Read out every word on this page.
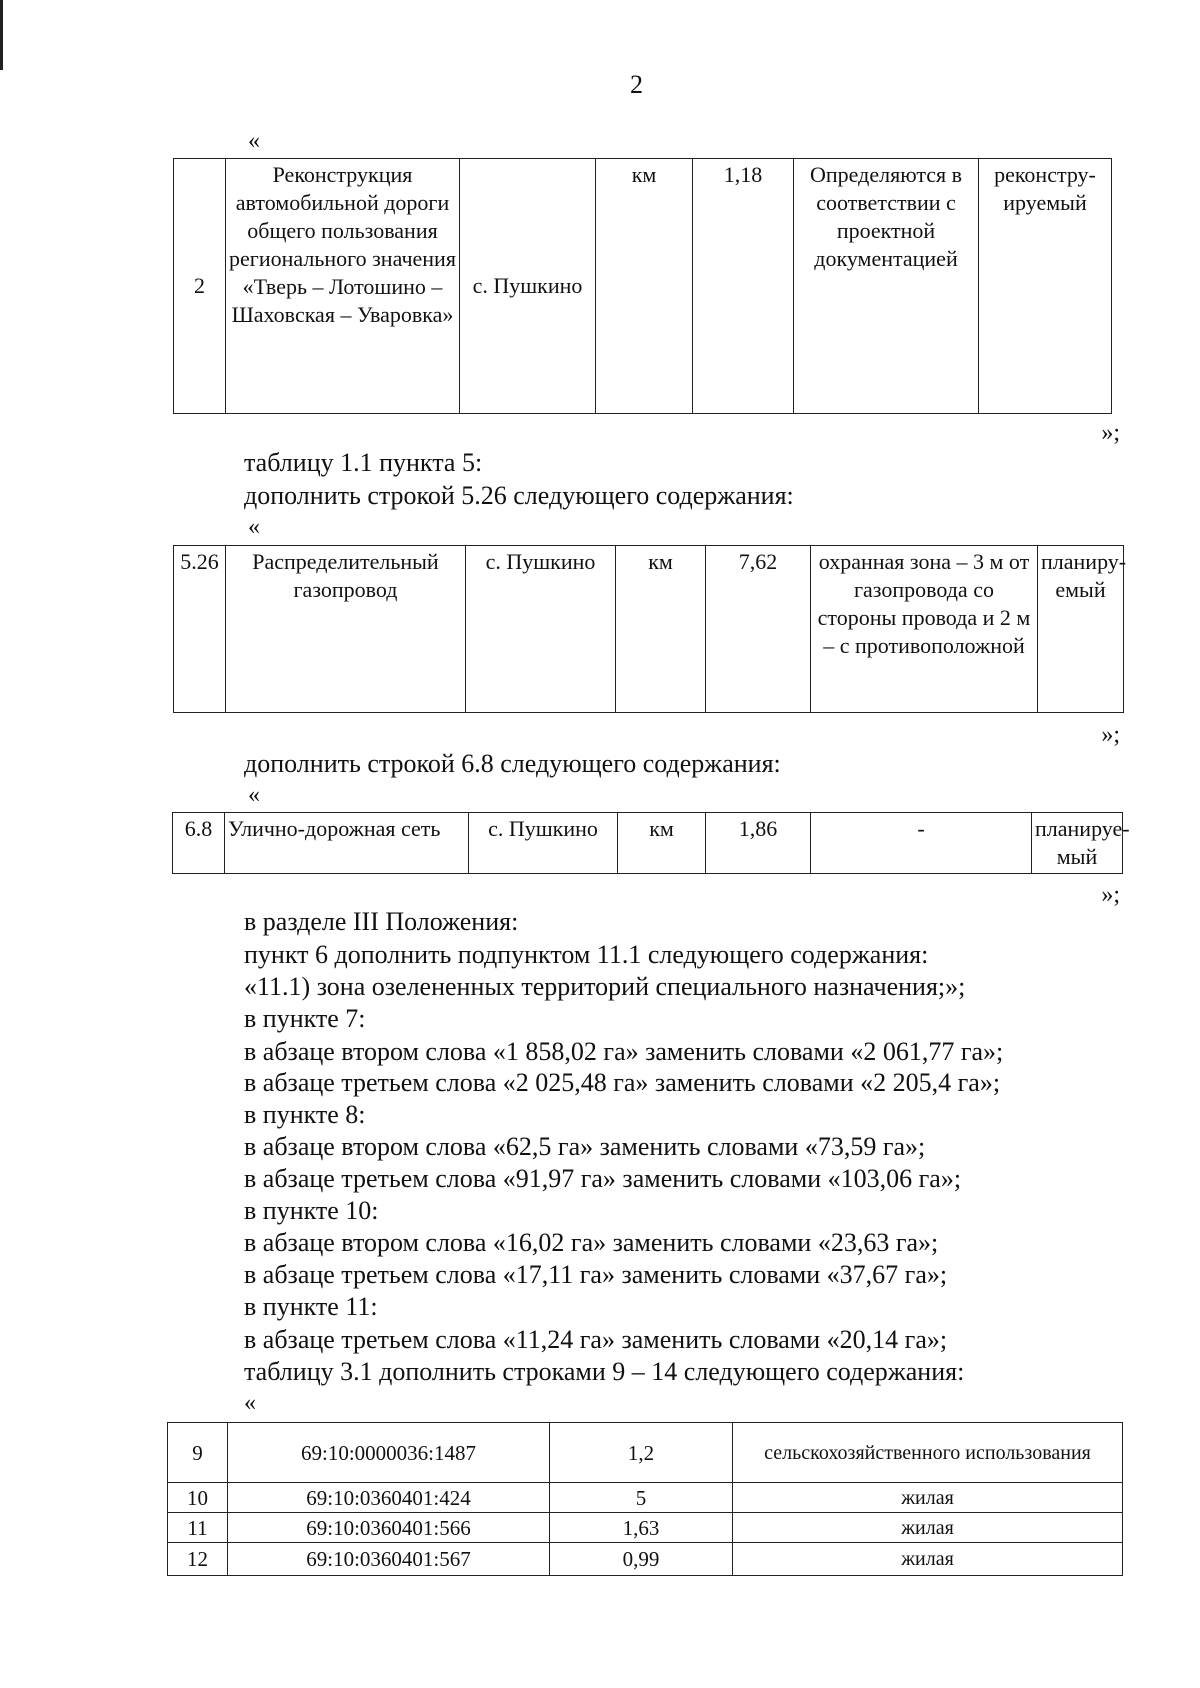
2
«
2	Реконструкция автомобильной дороги общего пользования регионального значения «Тверь – Лотошино – Шаховская – Уваровка»	с. Пушкино	км	1,18	Определяются в соответствии с проектной документацией	реконстру- ируемый
»;
таблицу 1.1 пункта 5:
дополнить строкой 5.26 следующего содержания:
«
5.26	Распределительный газопровод	с. Пушкино	км	7,62	охранная зона – 3 м от газопровода со стороны провода и 2 м – с противоположной	планиру- емый
»;
дополнить строкой 6.8 следующего содержания:
«
6.8	Улично-дорожная сеть	с. Пушкино	км	1,86	-	планируе- мый
»;
в разделе III Положения:
пункт 6 дополнить подпунктом 11.1 следующего содержания:
«11.1) зона озелененных территорий специального назначения;»;
в пункте 7:
в абзаце втором слова «1 858,02 га» заменить словами «2 061,77 га»;
в абзаце третьем слова «2 025,48 га» заменить словами «2 205,4 га»;
в пункте 8:
в абзаце втором слова «62,5 га» заменить словами «73,59 га»;
в абзаце третьем слова «91,97 га» заменить словами «103,06 га»;
в пункте 10:
в абзаце втором слова «16,02 га» заменить словами «23,63 га»;
в абзаце третьем слова «17,11 га» заменить словами «37,67 га»;
в пункте 11:
в абзаце третьем слова «11,24 га» заменить словами «20,14 га»;
таблицу 3.1 дополнить строками 9 – 14 следующего содержания:
«
9	69:10:0000036:1487	1,2	сельскохозяйственного использования
10	69:10:0360401:424	5	жилая
11	69:10:0360401:566	1,63	жилая
12	69:10:0360401:567	0,99	жилая
